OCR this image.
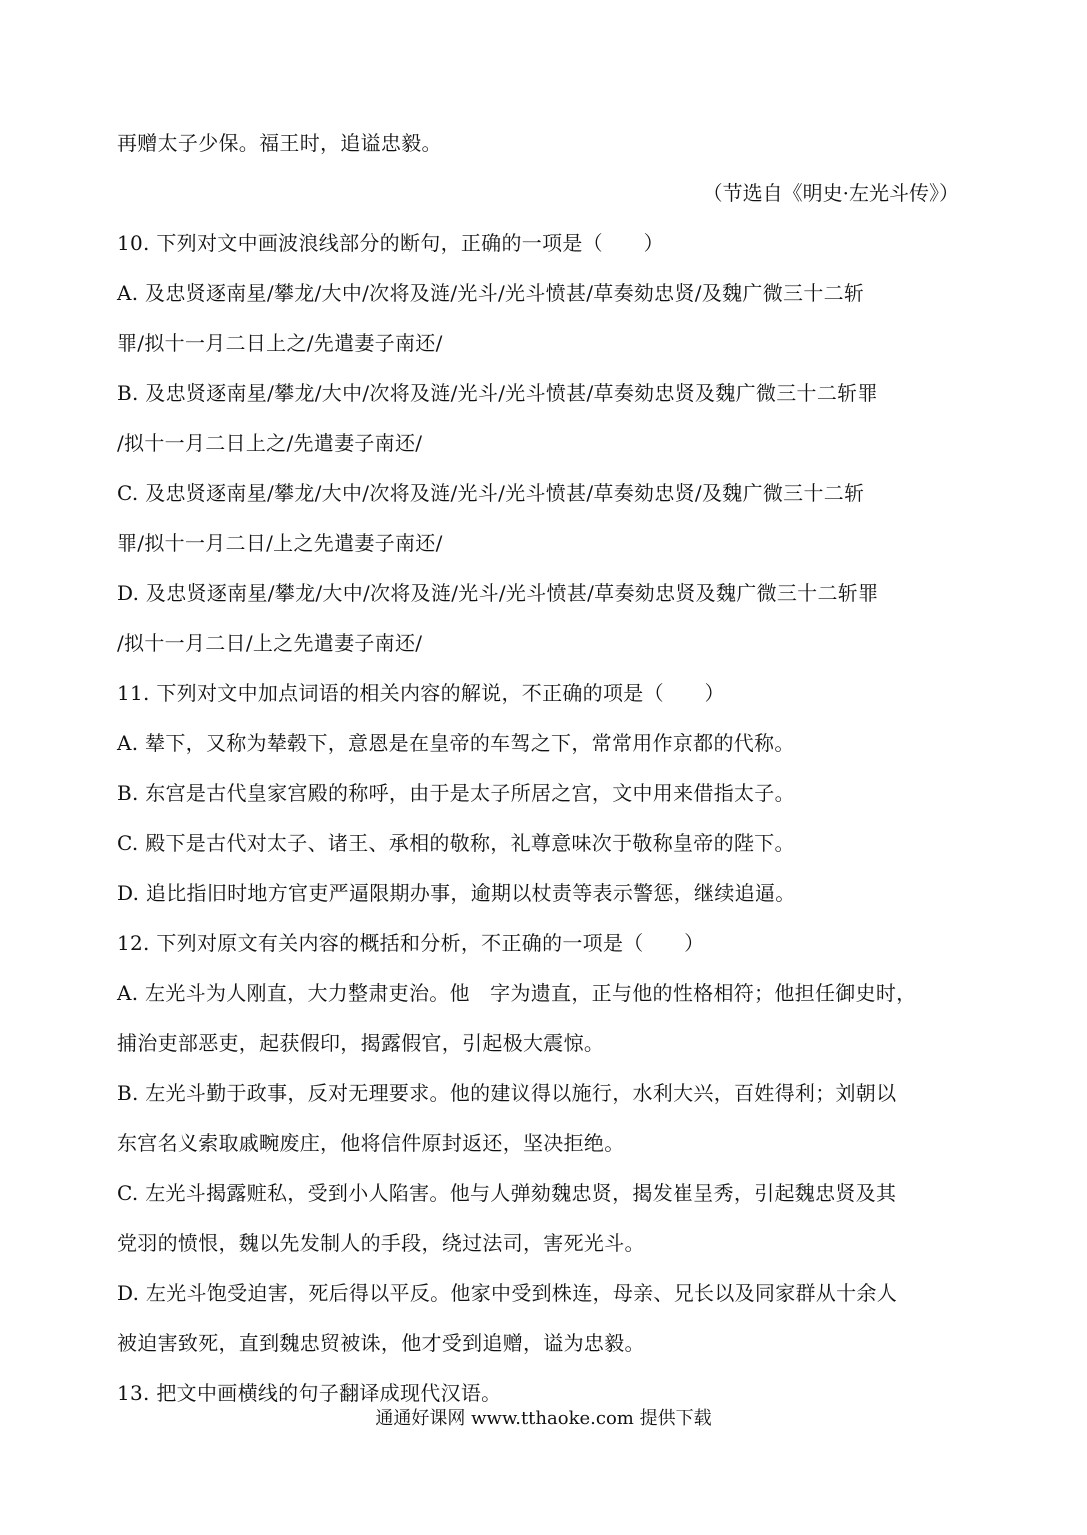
再赠太子少保。福王时，追谥忠毅。
（节选自《明史·左光斗传》）
10. 下列对文中画波浪线部分的断句，正确的一项是（　　）
A. 及忠贤逐南星/攀龙/大中/次将及涟/光斗/光斗愤甚/草奏劾忠贤/及魏广微三十二斩
罪/拟十一月二日上之/先遣妻子南还/
B. 及忠贤逐南星/攀龙/大中/次将及涟/光斗/光斗愤甚/草奏劾忠贤及魏广微三十二斩罪
/拟十一月二日上之/先遣妻子南还/
C. 及忠贤逐南星/攀龙/大中/次将及涟/光斗/光斗愤甚/草奏劾忠贤/及魏广微三十二斩
罪/拟十一月二日/上之先遣妻子南还/
D. 及忠贤逐南星/攀龙/大中/次将及涟/光斗/光斗愤甚/草奏劾忠贤及魏广微三十二斩罪
/拟十一月二日/上之先遣妻子南还/
11. 下列对文中加点词语的相关内容的解说，不正确的项是（　　）
A. 辇下，又称为辇毂下，意恩是在皇帝的车驾之下，常常用作京都的代称。
B. 东宫是古代皇家宫殿的称呼，由于是太子所居之宫，文中用来借指太子。
C. 殿下是古代对太子、诸王、承相的敬称，礼尊意味次于敬称皇帝的陛下。
D. 追比指旧时地方官吏严逼限期办事，逾期以杖责等表示警惩，继续追逼。
12. 下列对原文有关内容的概括和分析，不正确的一项是（　　）
A. 左光斗为人刚直，大力整肃吏治。他　字为遗直，正与他的性格相符；他担任御史时，
捕治吏部恶吏，起获假印，揭露假官，引起极大震惊。
B. 左光斗勤于政事，反对无理要求。他的建议得以施行，水利大兴，百姓得利；刘朝以
东宫名义索取戚畹废庄，他将信件原封返还，坚决拒绝。
C. 左光斗揭露赃私，受到小人陷害。他与人弹劾魏忠贤，揭发崔呈秀，引起魏忠贤及其
党羽的愤恨，魏以先发制人的手段，绕过法司，害死光斗。
D. 左光斗饱受迫害，死后得以平反。他家中受到株连，母亲、兄长以及同家群从十余人
被迫害致死，直到魏忠贸被诛，他才受到追赠，谥为忠毅。
13. 把文中画横线的句子翻译成现代汉语。
通通好课网 www.tthaoke.com 提供下载
